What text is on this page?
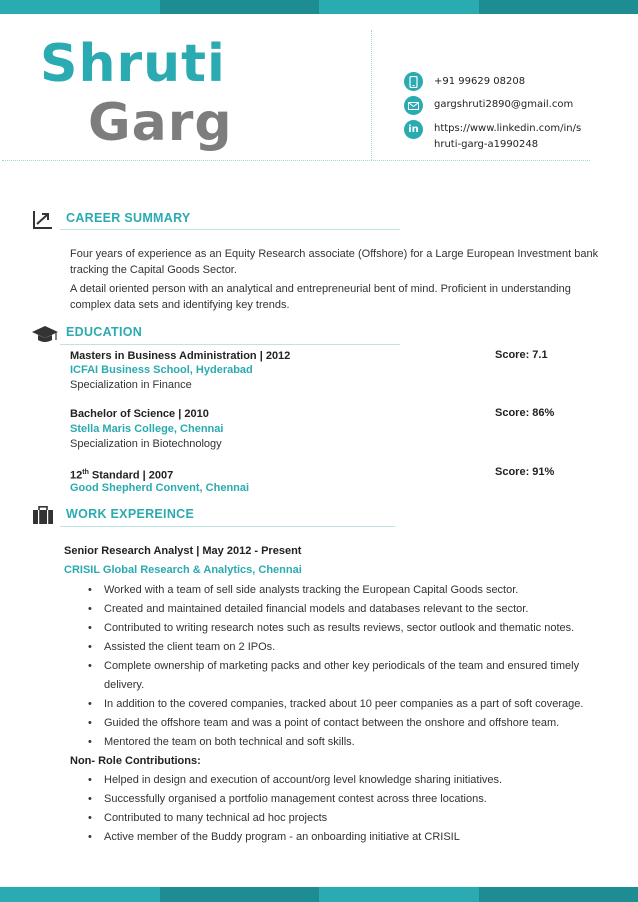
Shruti
Garg
+91 99629 08208
gargshruti2890@gmail.com
in https://www.linkedin.com/in/s
hruti-garg-a1990248
CAREER SUMMARY
Four years of experience as an Equity Research associate (Offshore) for a Large European Investment bank tracking the Capital Goods Sector.
A detail oriented person with an analytical and entrepreneurial bent of mind. Proficient in understanding complex data sets and identifying key trends.
EDUCATION
Masters in Business Administration | 2012	Score: 7.1
ICFAI Business School, Hyderabad
Specialization in Finance
Bachelor of Science | 2010	Score: 86%
Stella Maris College, Chennai
Specialization in Biotechnology
12th Standard | 2007	Score: 91%
Good Shepherd Convent, Chennai
WORK EXPEREINCE
Senior Research Analyst | May 2012 - Present
CRISIL Global Research & Analytics, Chennai
• Worked with a team of sell side analysts tracking the European Capital Goods sector.
• Created and maintained detailed financial models and databases relevant to the sector.
• Contributed to writing research notes such as results reviews, sector outlook and thematic notes.
• Assisted the client team on 2 IPOs.
• Complete ownership of marketing packs and other key periodicals of the team and ensured timely delivery.
• In addition to the covered companies, tracked about 10 peer companies as a part of soft coverage.
• Guided the offshore team and was a point of contact between the onshore and offshore team.
• Mentored the team on both technical and soft skills.
Non- Role Contributions:
• Helped in design and execution of account/org level knowledge sharing initiatives.
• Successfully organised a portfolio management contest across three locations.
• Contributed to many technical ad hoc projects
• Active member of the Buddy program - an onboarding initiative at CRISIL
